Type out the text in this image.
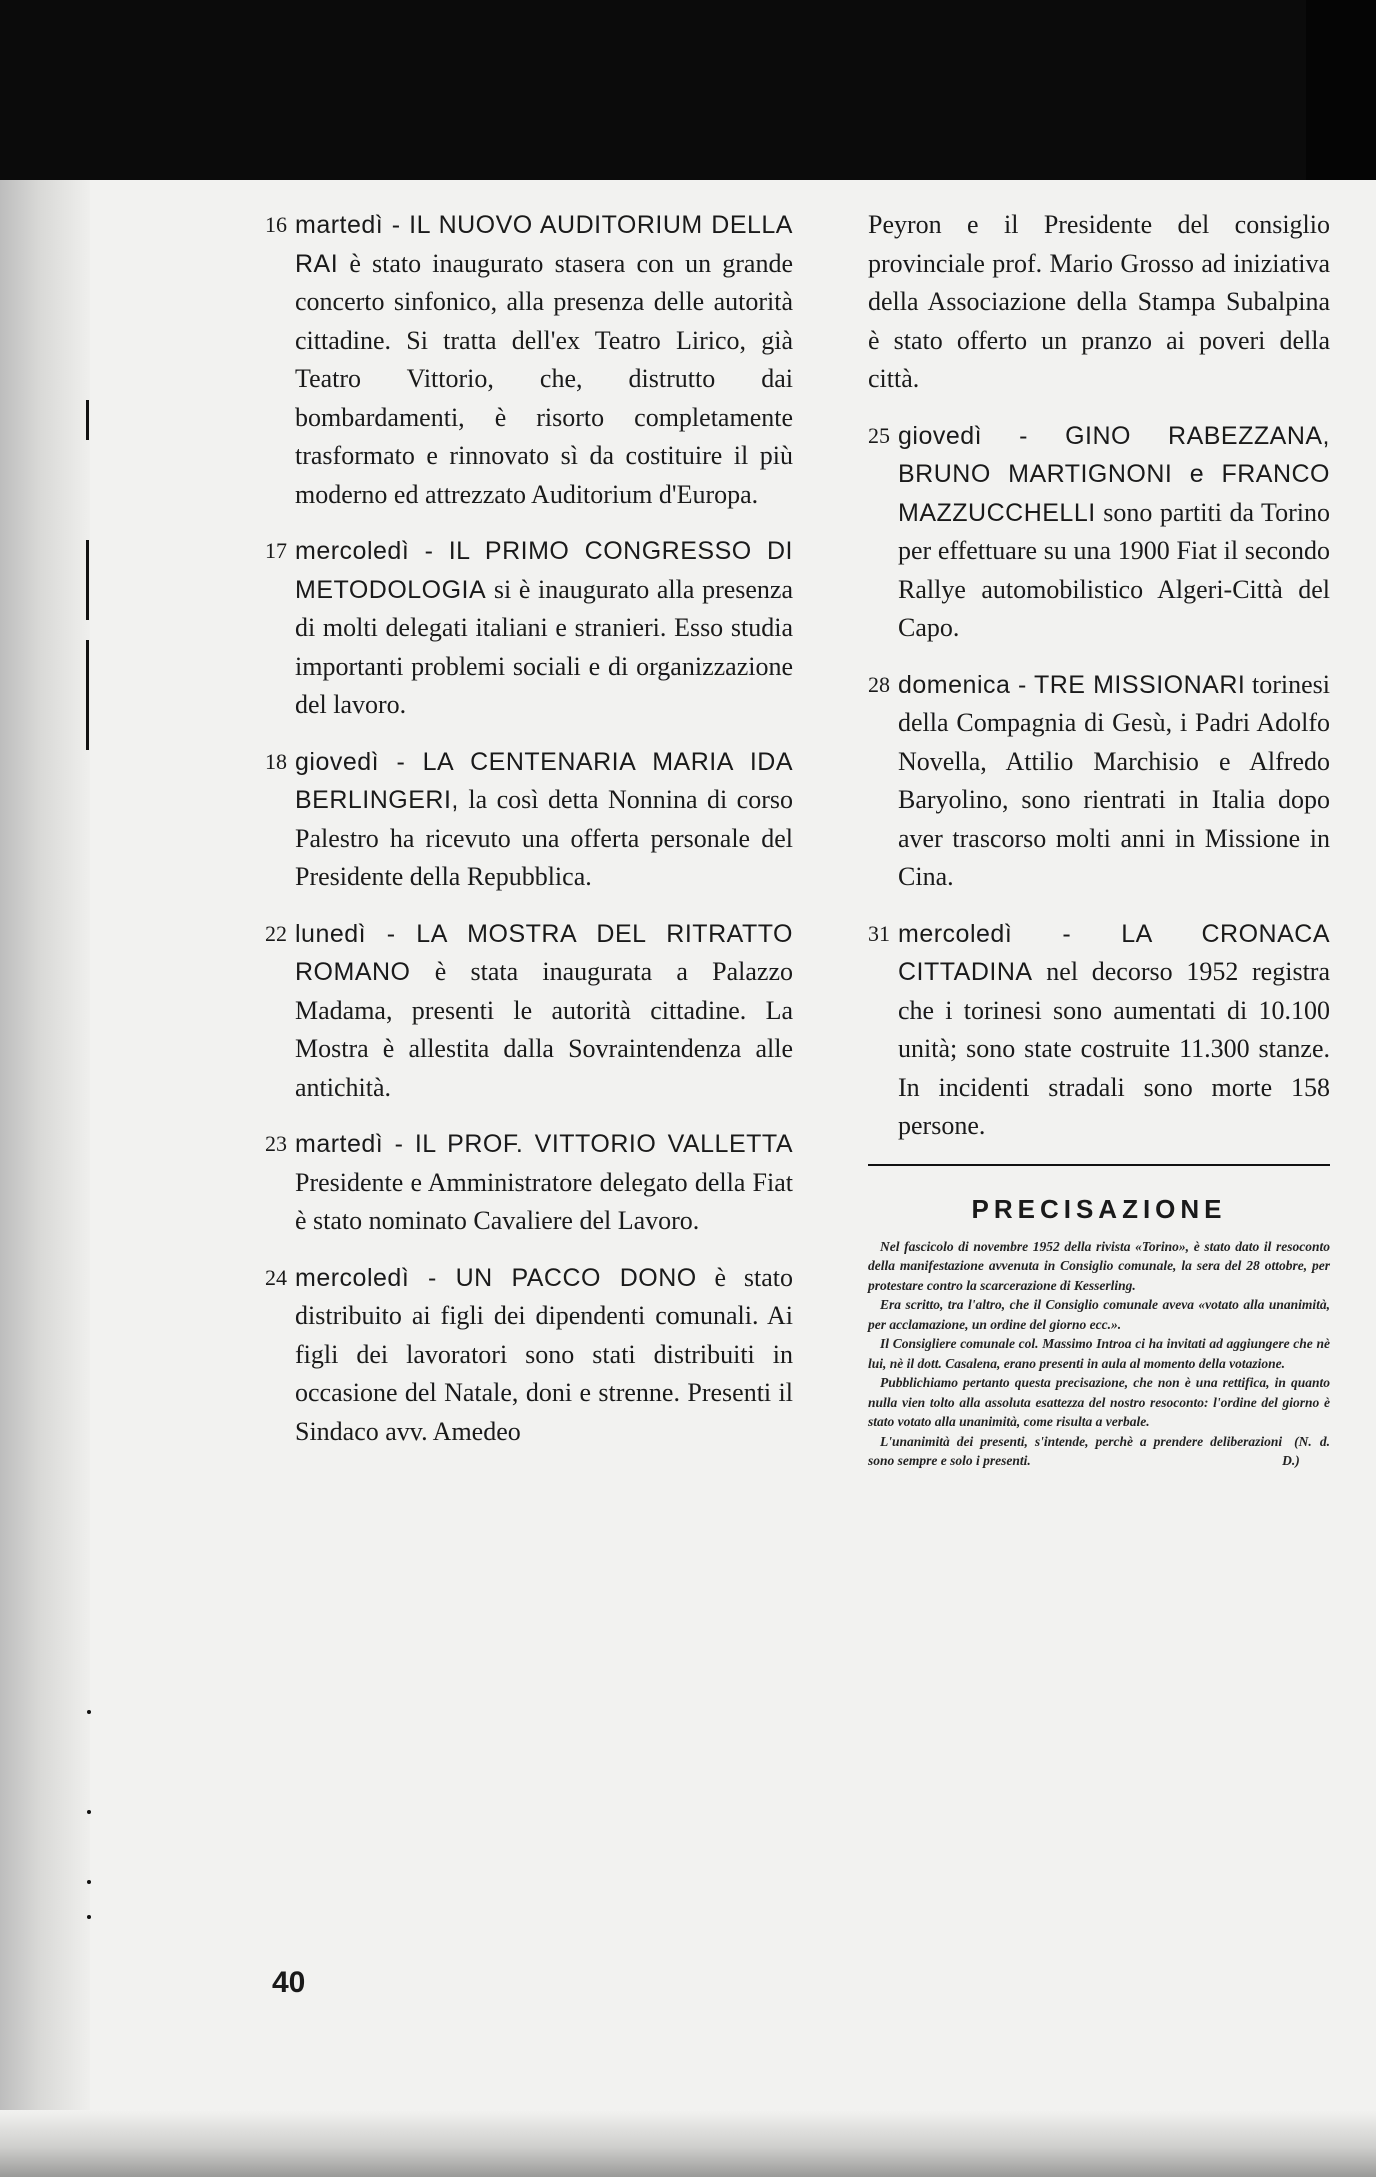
16 martedì - IL NUOVO AUDITORIUM DELLA RAI è stato inaugurato stasera con un grande concerto sinfonico, alla presenza delle autorità cittadine. Si tratta dell'ex Teatro Lirico, già Teatro Vittorio, che, distrutto dai bombardamenti, è risorto completamente trasformato e rinnovato sì da costituire il più moderno ed attrezzato Auditorium d'Europa.
17 mercoledì - IL PRIMO CONGRESSO DI METODOLOGIA si è inaugurato alla presenza di molti delegati italiani e stranieri. Esso studia importanti problemi sociali e di organizzazione del lavoro.
18 giovedì - LA CENTENARIA MARIA IDA BERLINGERI, la così detta Nonnina di corso Palestro ha ricevuto una offerta personale del Presidente della Repubblica.
22 lunedì - LA MOSTRA DEL RITRATTO ROMANO è stata inaugurata a Palazzo Madama, presenti le autorità cittadine. La Mostra è allestita dalla Sovraintendenza alle antichità.
23 martedì - IL PROF. VITTORIO VALLETTA Presidente e Amministratore delegato della Fiat è stato nominato Cavaliere del Lavoro.
24 mercoledì - UN PACCO DONO è stato distribuito ai figli dei dipendenti comunali. Ai figli dei lavoratori sono stati distribuiti in occasione del Natale, doni e strenne. Presenti il Sindaco avv. Amedeo
Peyron e il Presidente del consiglio provinciale prof. Mario Grosso ad iniziativa della Associazione della Stampa Subalpina è stato offerto un pranzo ai poveri della città.
25 giovedì - GINO RABEZZANA, BRUNO MARTIGNONI e FRANCO MAZZUCCHELLI sono partiti da Torino per effettuare su una 1900 Fiat il secondo Rallye automobilistico Algeri-Città del Capo.
28 domenica - TRE MISSIONARI torinesi della Compagnia di Gesù, i Padri Adolfo Novella, Attilio Marchisio e Alfredo Baryolino, sono rientrati in Italia dopo aver trascorso molti anni in Missione in Cina.
31 mercoledì - LA CRONACA CITTADINA nel decorso 1952 registra che i torinesi sono aumentati di 10.100 unità; sono state costruite 11.300 stanze. In incidenti stradali sono morte 158 persone.
PRECISAZIONE

Nel fascicolo di novembre 1952 della rivista «Torino», è stato dato il resoconto della manifestazione avvenuta in Consiglio comunale, la sera del 28 ottobre, per protestare contro la scarcerazione di Kesserling.

Era scritto, tra l'altro, che il Consiglio comunale aveva «votato alla unanimità, per acclamazione, un ordine del giorno ecc.».

Il Consigliere comunale col. Massimo Introa ci ha invitati ad aggiungere che nè lui, nè il dott. Casalena, erano presenti in aula al momento della votazione.

Pubblichiamo pertanto questa precisazione, che non è una rettifica, in quanto nulla vien tolto alla assoluta esattezza del nostro resoconto: l'ordine del giorno è stato votato alla unanimità, come risulta a verbale.

L'unanimità dei presenti, s'intende, perchè a prendere deliberazioni sono sempre e solo i presenti.
(N. d. D.)

40
